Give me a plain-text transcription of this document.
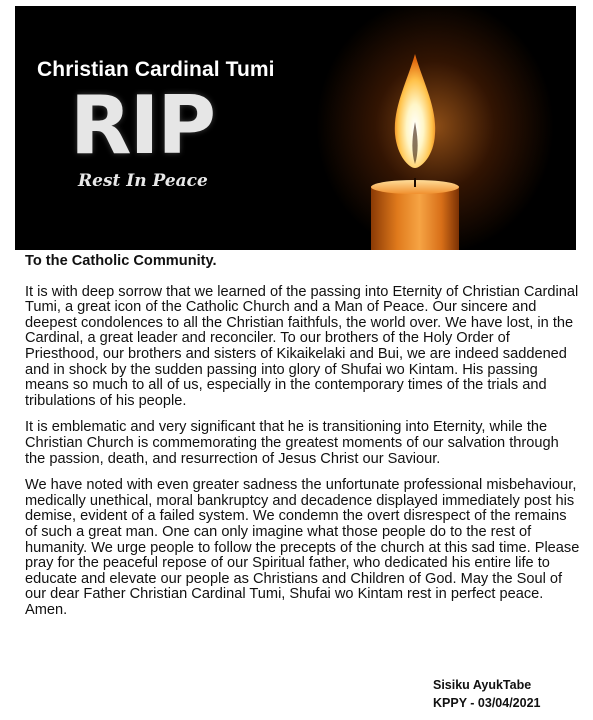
Christian Cardinal Tumi
RIP
Rest In Peace
To the Catholic Community.

It is with deep sorrow that we learned of the passing into Eternity of Christian Cardinal Tumi, a great icon of the Catholic Church and a Man of Peace. Our sincere and deepest condolences to all the Christian faithfuls, the world over. We have lost, in the Cardinal, a great leader and reconciler. To our brothers of the Holy Order of Priesthood, our brothers and sisters of Kikaikelaki and Bui, we are indeed saddened and in shock by the sudden passing into glory of Shufai wo Kintam. His passing means so much to all of us, especially in the contemporary times of the trials and tribulations of his people.

It is emblematic and very significant that he is transitioning into Eternity, while the Christian Church is commemorating the greatest moments of our salvation through the passion, death, and resurrection of Jesus Christ our Saviour.

We have noted with even greater sadness the unfortunate professional misbehaviour, medically unethical, moral bankruptcy and decadence displayed immediately post his demise, evident of a failed system. We condemn the overt disrespect of the remains of such a great man. One can only imagine what those people do to the rest of humanity. We urge people to follow the precepts of the church at this sad time. Please pray for the peaceful repose of our Spiritual father, who dedicated his entire life to educate and elevate our people as Christians and Children of God. May the Soul of our dear Father Christian Cardinal Tumi, Shufai wo Kintam rest in perfect peace. Amen.

Sisiku AyukTabe
KPPY - 03/04/2021
